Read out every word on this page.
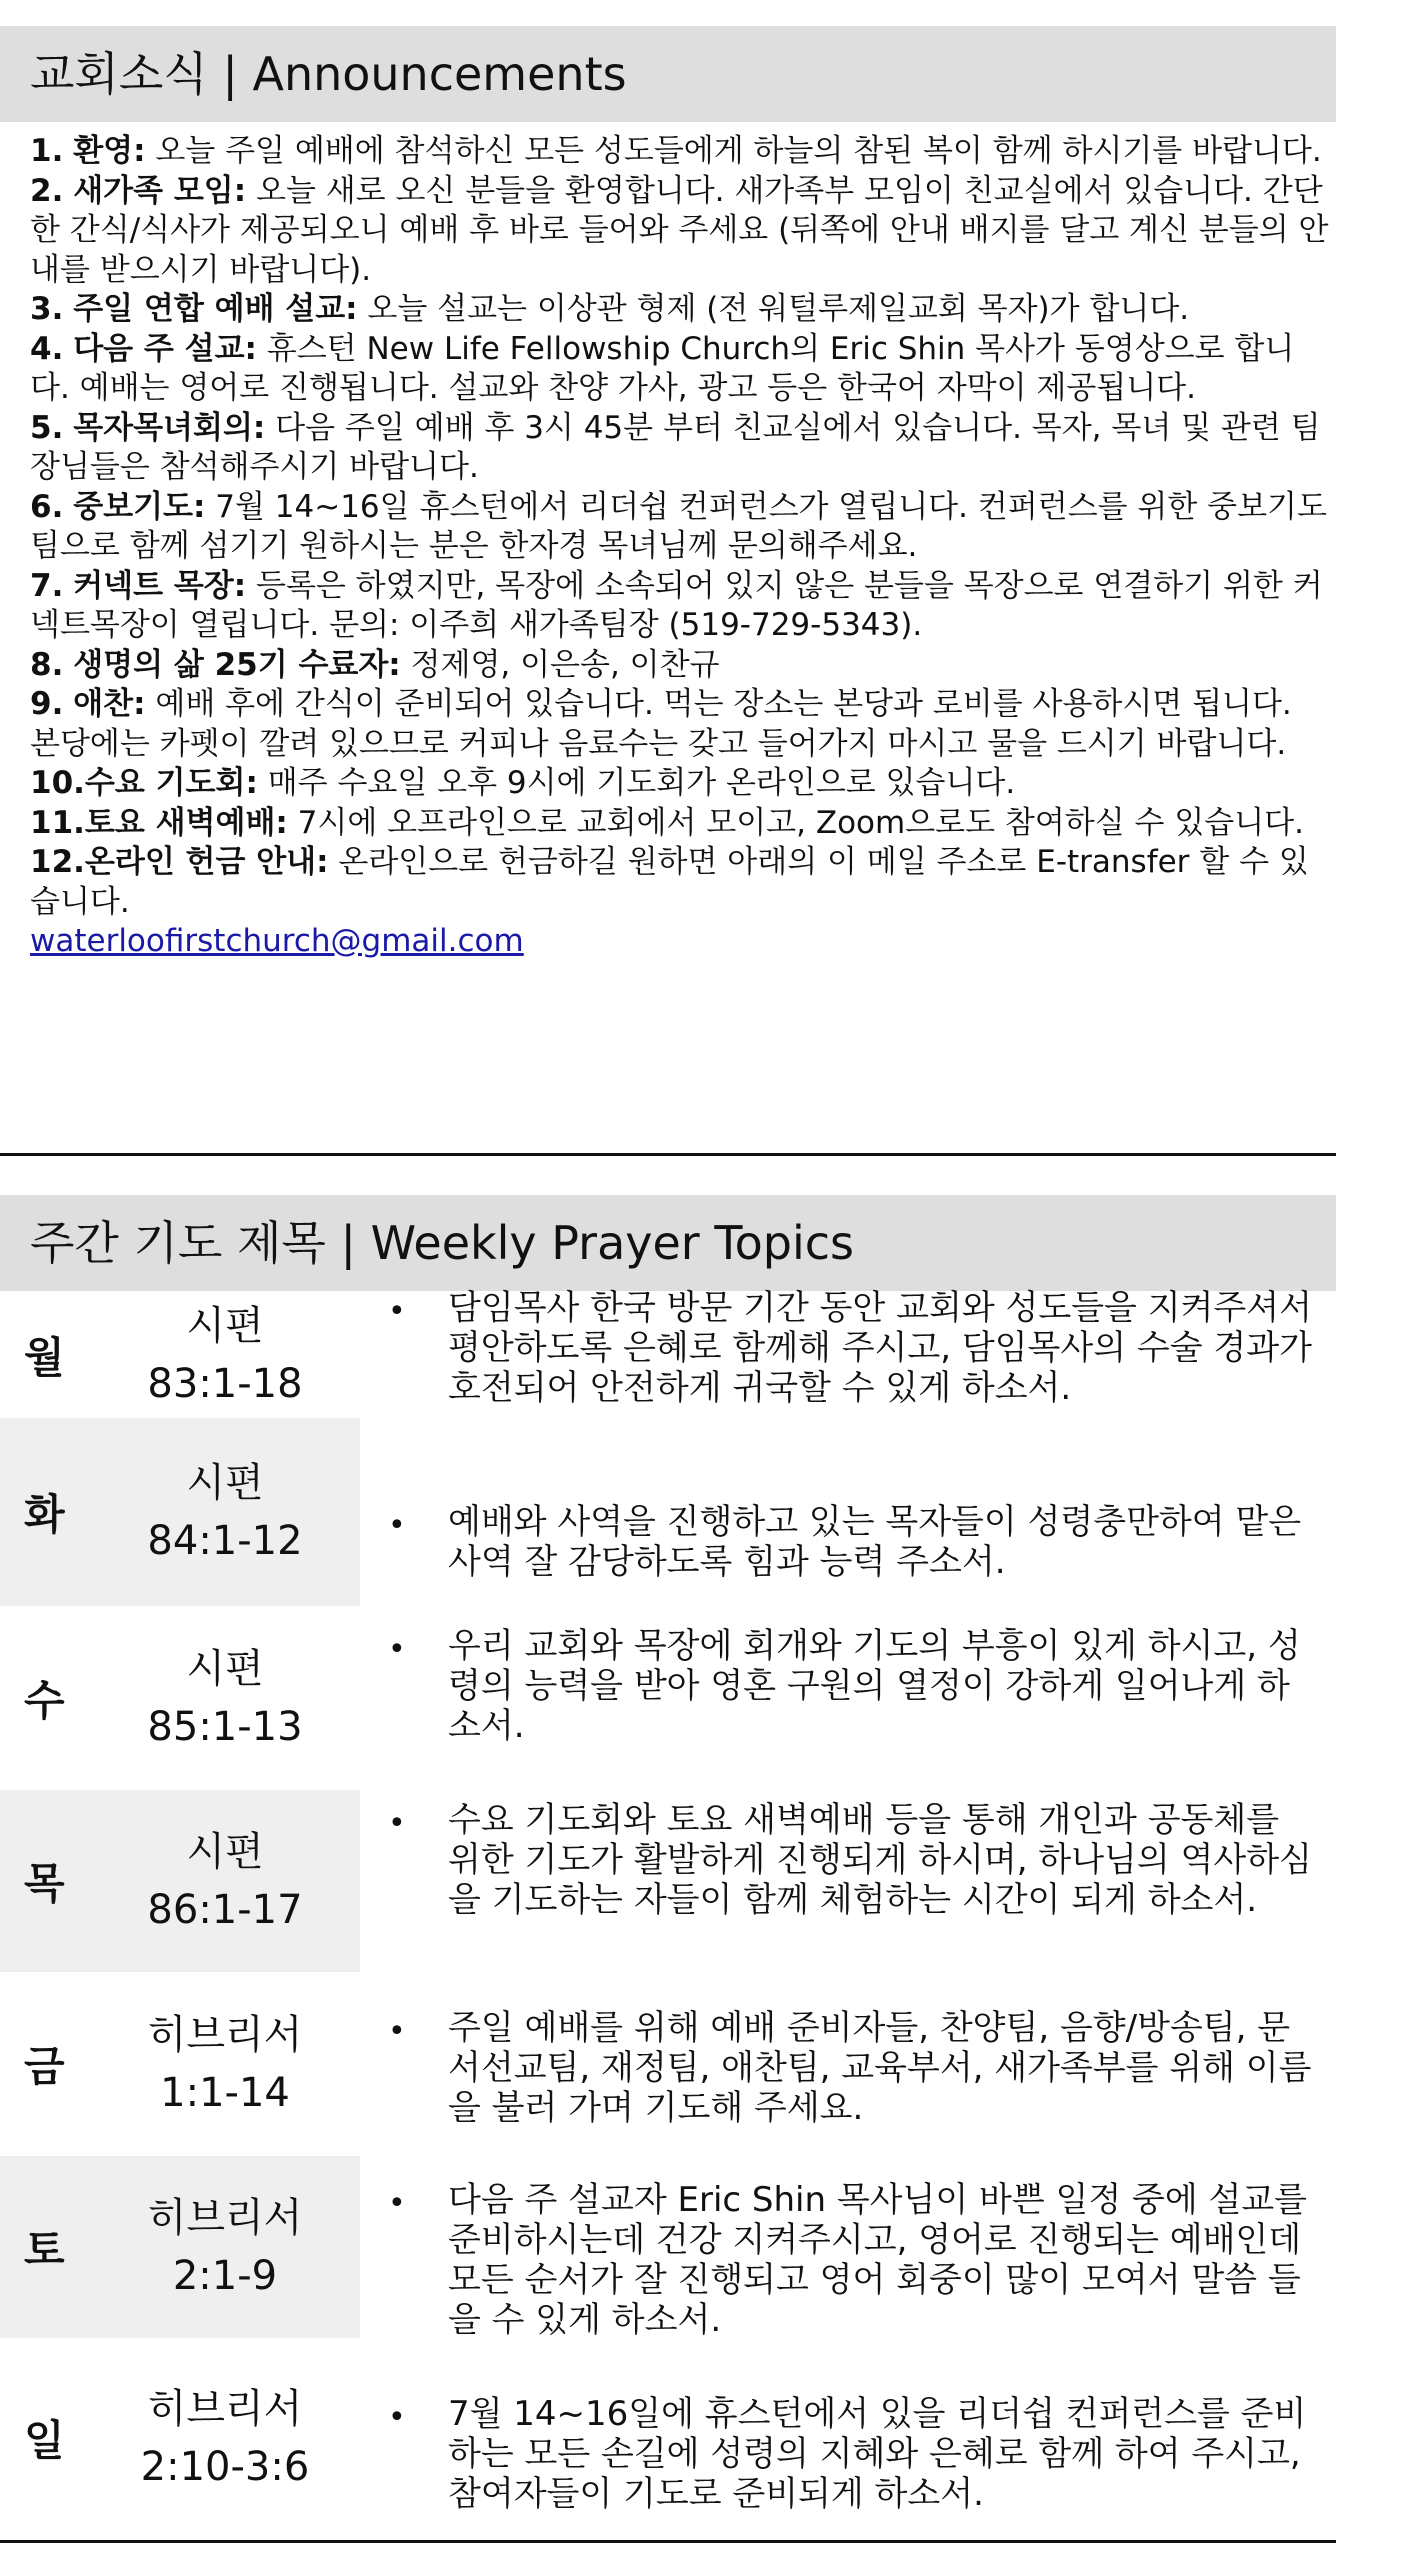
교회소식 | Announcements
1. 환영: 오늘 주일 예배에 참석하신 모든 성도들에게 하늘의 참된 복이 함께 하시기를 바랍니다.
2. 새가족 모임: 오늘 새로 오신 분들을 환영합니다. 새가족부 모임이 친교실에서 있습니다. 간단한 간식/식사가 제공되오니 예배 후 바로 들어와 주세요 (뒤쪽에 안내 배지를 달고 계신 분들의 안내를 받으시기 바랍니다).
3. 주일 연합 예배 설교: 오늘 설교는 이상관 형제 (전 워털루제일교회 목자)가 합니다.
4. 다음 주 설교: 휴스턴 New Life Fellowship Church의 Eric Shin 목사가 동영상으로 합니다. 예배는 영어로 진행됩니다. 설교와 찬양 가사, 광고 등은 한국어 자막이 제공됩니다.
5. 목자목녀회의: 다음 주일 예배 후 3시 45분 부터 친교실에서 있습니다. 목자, 목녀 및 관련 팀장님들은 참석해주시기 바랍니다.
6. 중보기도: 7월 14~16일 휴스턴에서 리더쉽 컨퍼런스가 열립니다. 컨퍼런스를 위한 중보기도팀으로 함께 섬기기 원하시는 분은 한자경 목녀님께 문의해주세요.
7. 커넥트 목장: 등록은 하였지만, 목장에 소속되어 있지 않은 분들을 목장으로 연결하기 위한 커넥트목장이 열립니다. 문의: 이주희 새가족팀장 (519-729-5343).
8. 생명의 삶 25기 수료자: 정제영, 이은송, 이찬규
9. 애찬: 예배 후에 간식이 준비되어 있습니다. 먹는 장소는 본당과 로비를 사용하시면 됩니다. 본당에는 카펫이 깔려 있으므로 커피나 음료수는 갖고 들어가지 마시고 물을 드시기 바랍니다.
10.수요 기도회: 매주 수요일 오후 9시에 기도회가 온라인으로 있습니다.
11.토요 새벽예배: 7시에 오프라인으로 교회에서 모이고, Zoom으로도 참여하실 수 있습니다.
12.온라인 헌금 안내: 온라인으로 헌금하길 원하면 아래의 이 메일 주소로 E-transfer 할 수 있습니다.
waterloofirstchurch@gmail.com
주간 기도 제목 | Weekly Prayer Topics
월
시편
83:1-18
화
시편
84:1-12
수
시편
85:1-13
목
시편
86:1-17
금
히브리서
1:1-14
토
히브리서
2:1-9
일
히브리서
2:10-3:6
• 담임목사 한국 방문 기간 동안 교회와 성도들을 지켜주셔서 평안하도록 은혜로 함께해 주시고, 담임목사의 수술 경과가 호전되어 안전하게 귀국할 수 있게 하소서.
• 예배와 사역을 진행하고 있는 목자들이 성령충만하여 맡은 사역 잘 감당하도록 힘과 능력 주소서.
• 우리 교회와 목장에 회개와 기도의 부흥이 있게 하시고, 성령의 능력을 받아 영혼 구원의 열정이 강하게 일어나게 하소서.
• 수요 기도회와 토요 새벽예배 등을 통해 개인과 공동체를 위한 기도가 활발하게 진행되게 하시며, 하나님의 역사하심을 기도하는 자들이 함께 체험하는 시간이 되게 하소서.
• 주일 예배를 위해 예배 준비자들, 찬양팀, 음향/방송팀, 문서선교팀, 재정팀, 애찬팀, 교육부서, 새가족부를 위해 이름을 불러 가며 기도해 주세요.
• 다음 주 설교자 Eric Shin 목사님이 바쁜 일정 중에 설교를 준비하시는데 건강 지켜주시고, 영어로 진행되는 예배인데 모든 순서가 잘 진행되고 영어 회중이 많이 모여서 말씀 들을 수 있게 하소서.
• 7월 14~16일에 휴스턴에서 있을 리더쉽 컨퍼런스를 준비하는 모든 손길에 성령의 지혜와 은혜로 함께 하여 주시고, 참여자들이 기도로 준비되게 하소서.
